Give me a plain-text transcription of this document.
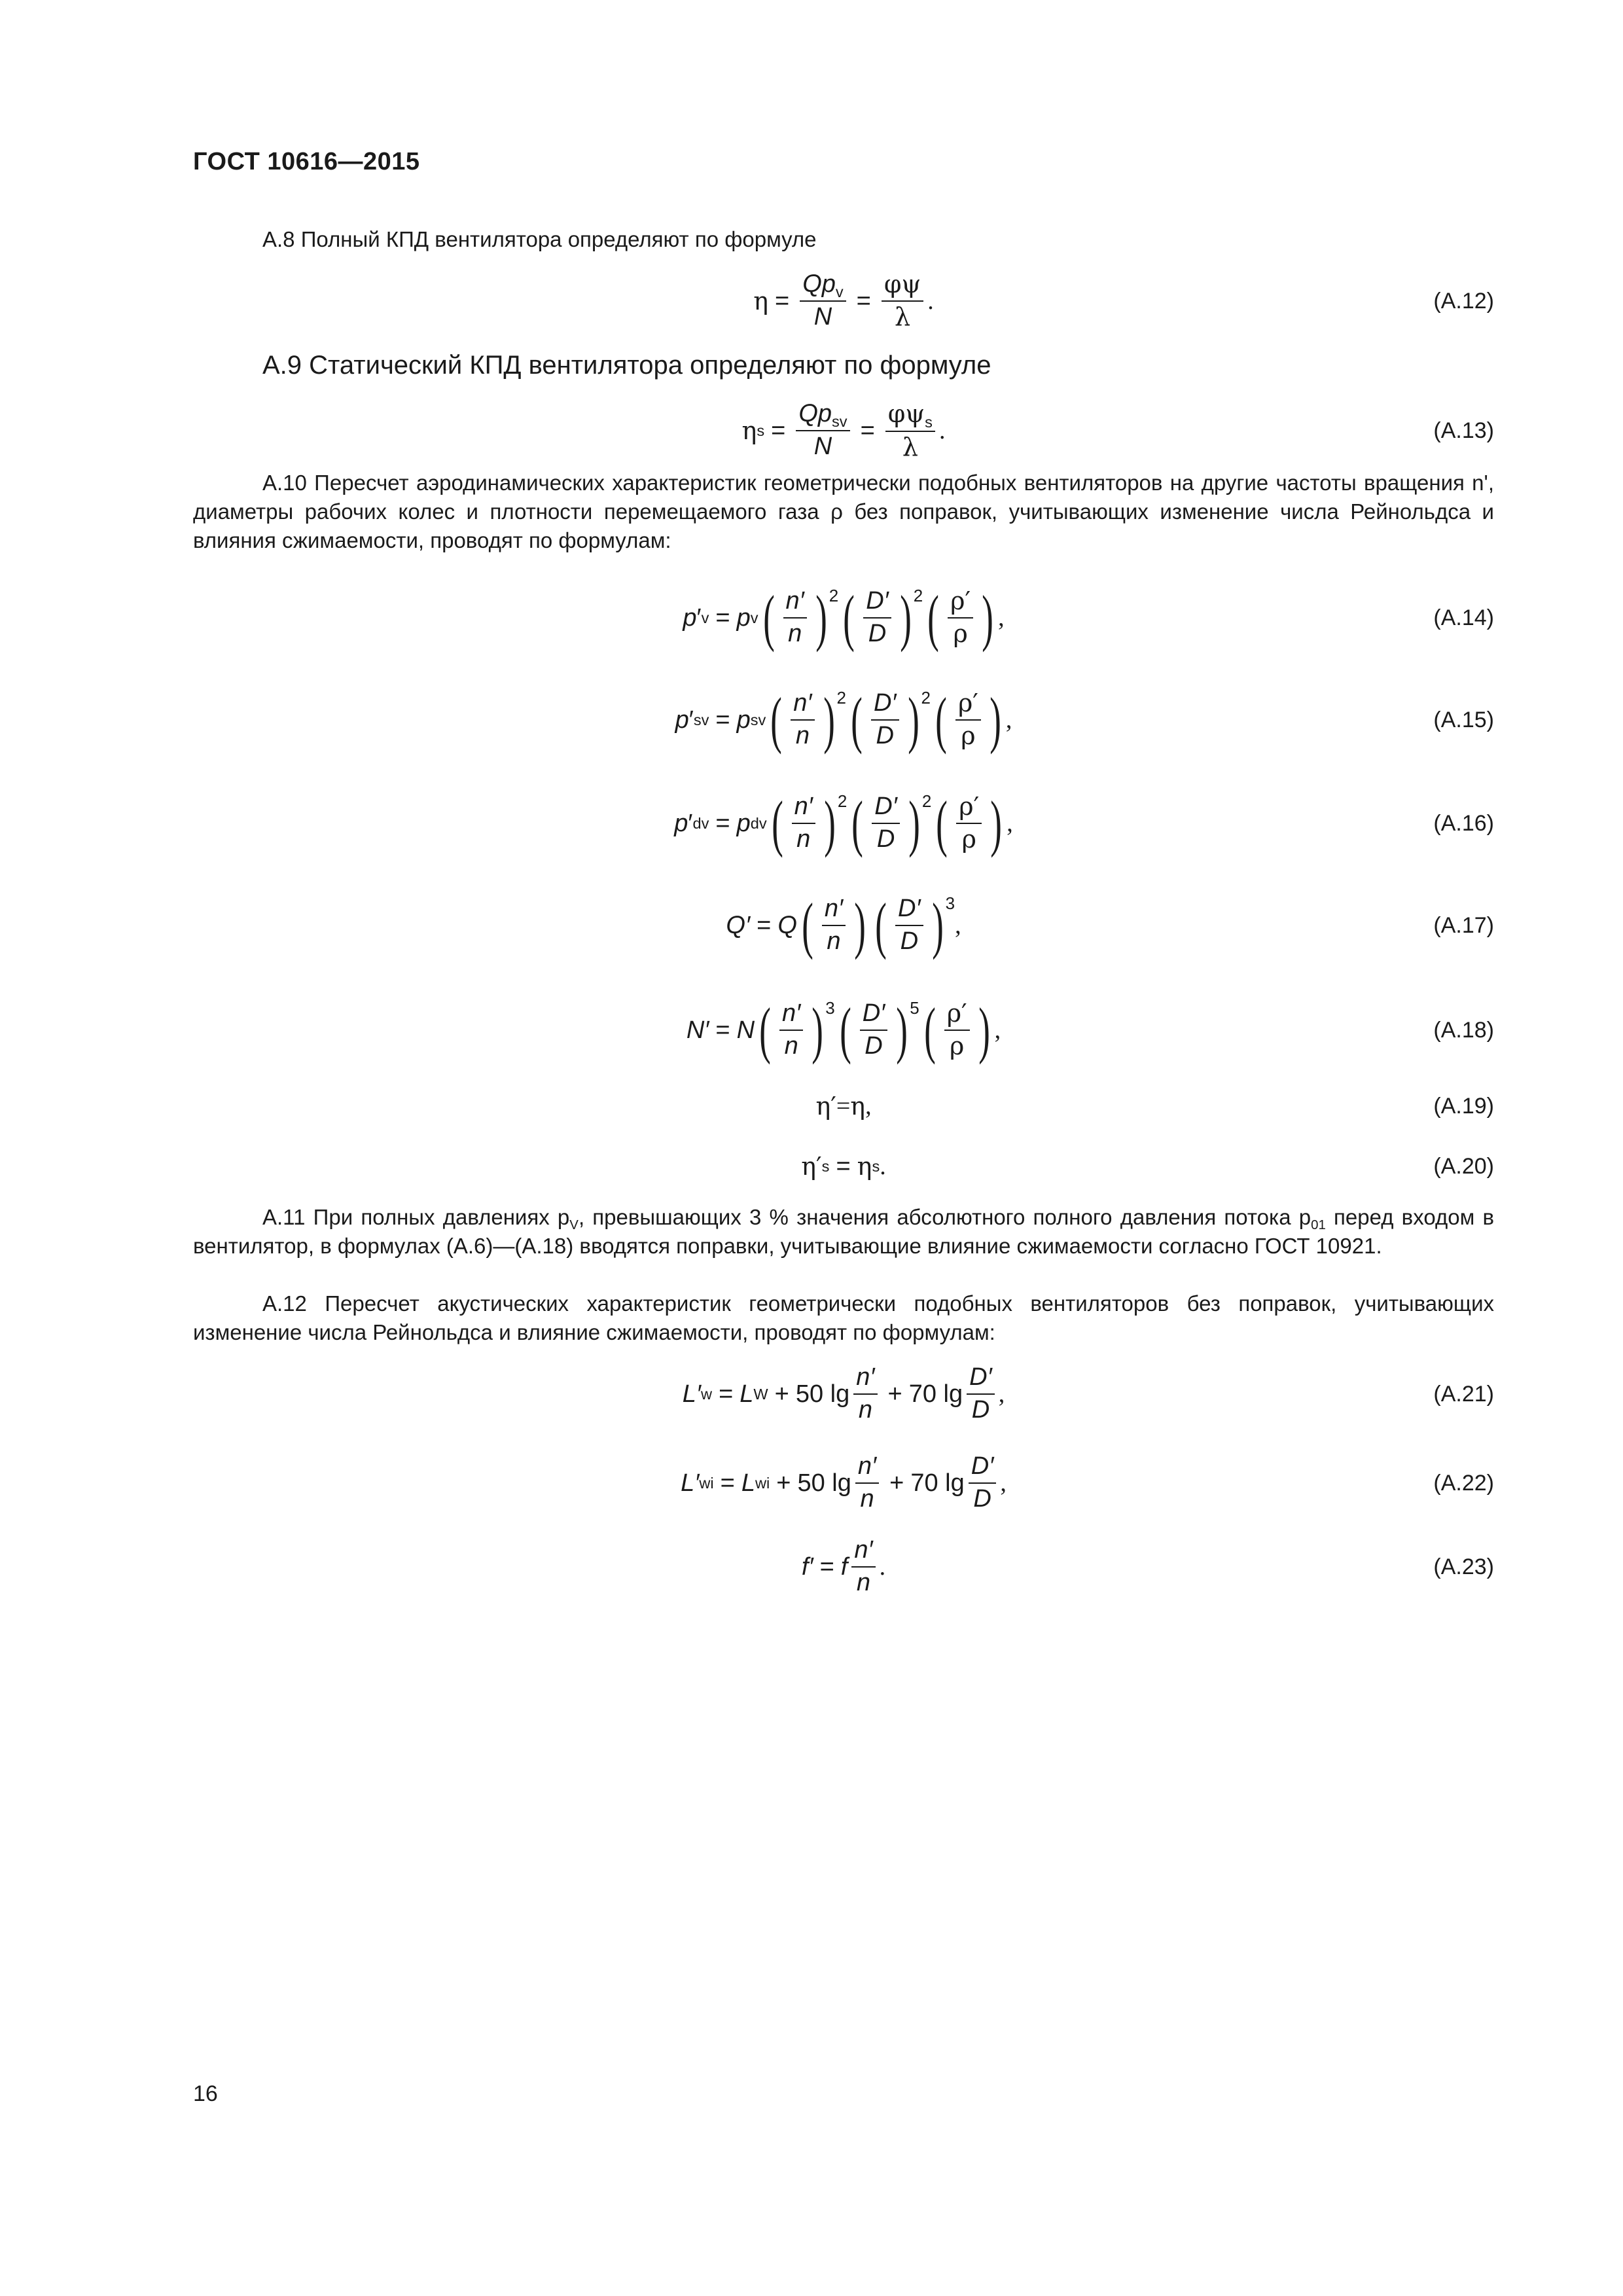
ГОСТ 10616—2015
А.8 Полный КПД вентилятора определяют по формуле
$\eta = \frac{Qp_v}{N} = \frac{\varphi\psi}{\lambda}$ .	(А.12)
А.9 Статический КПД вентилятора определяют по формуле
η $s = \frac{Qp_{sv}}{N} = \frac{\varphi\psi_s}{\lambda}$ .	(А.13)
А.10 Пересчет аэродинамических характеристик геометрически подобных вентиляторов на другие частоты вращения n', диаметры рабочих колес и плотности перемещаемого газа ρ без поправок, учитывающих изменение числа Рейнольдса и влияния сжимаемости, проводят по формулам:
p ′ v = p v ( $\frac{n'}{n}$ ) 2 ( $\frac{D'}{D}$ ) 2 ( $\frac{\rho'}{\rho}$ ) ,	(А.14)
p ′ sv = p sv ( $\frac{n'}{n}$ ) 2 ( $\frac{D'}{D}$ ) 2 ( $\frac{\rho'}{\rho}$ ) ,	(А.15)
p ′ dv = p dv ( $\frac{n'}{n}$ ) 2 ( $\frac{D'}{D}$ ) 2 ( $\frac{\rho'}{\rho}$ ) ,	(А.16)
Q′ = Q ( $\frac{n'}{n}$ ) ( $\frac{D'}{D}$ ) 3
,	(А.17)
N′ = N ( $\frac{n'}{n}$ ) 3 ( $\frac{D'}{D}$ ) 5 ( $\frac{\rho'}{\rho}$ ) ,	(А.18)
η′ = η ,	(А.19)
η′ s = η s .	(А.20)
А.11 При полных давлениях $p_V$, превышающих 3 % значения абсолютного полного давления потока $p_{01}$ перед входом в вентилятор, в формулах (А.6)—(А.18) вводятся поправки, учитывающие влияние сжимаемости согласно ГОСТ 10921.
А.12 Пересчет акустических характеристик геометрически подобных вентиляторов без поправок, учитывающих изменение числа Рейнольдса и влияние сжимаемости, проводят по формулам:
L′ w = L W + 50 $\lg \frac{n'}{n} + 70$ $\lg \frac{D'}{D}$ ,	(А.21)
L′ wi = L wi + 50 $\lg \frac{n'}{n} + 70$ $\lg \frac{D'}{D}$ ,	(А.22)
f′ = f $\frac{n'}{n}$ .	(А.23)
16
